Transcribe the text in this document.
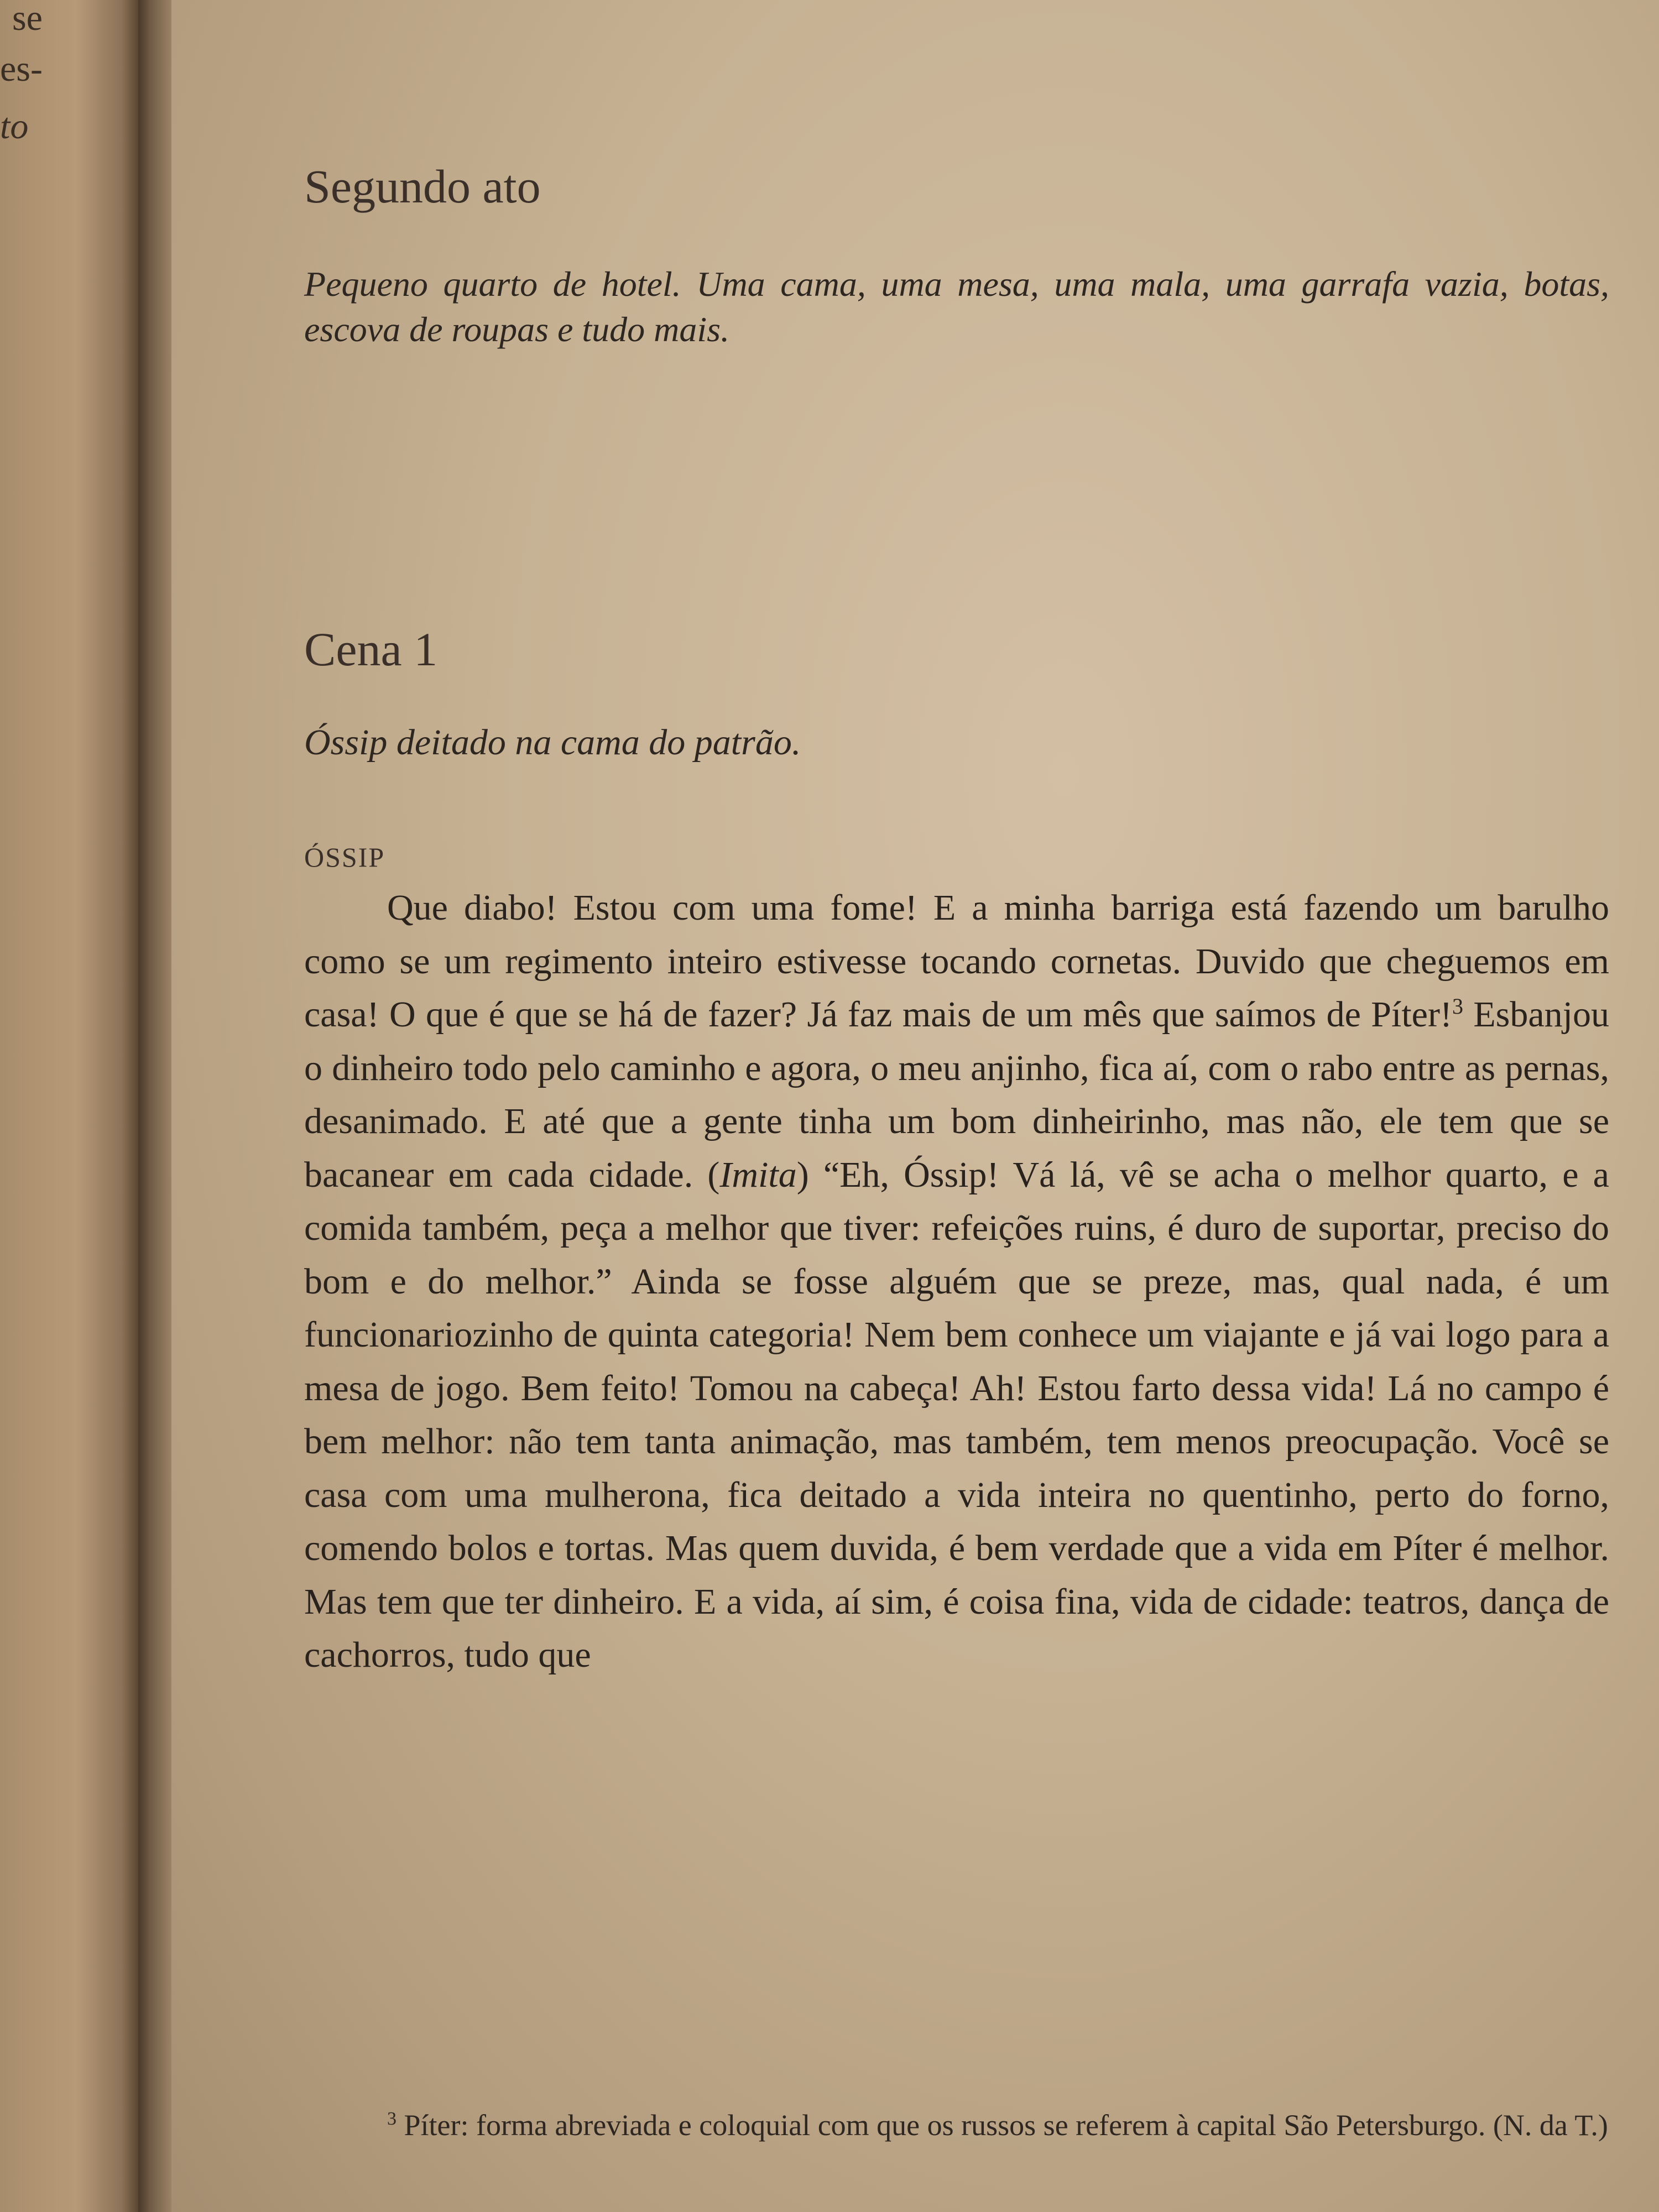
se
es-
to
Segundo ato

Pequeno quarto de hotel. Uma cama, uma mesa, uma mala, uma garrafa vazia, botas, escova de roupas e tudo mais.

Cena 1

Óssip deitado na cama do patrão.

ÓSSIP

Que diabo! Estou com uma fome! E a minha barriga está fazendo um barulho como se um regimento inteiro estivesse tocando cornetas. Duvido que cheguemos em casa! O que é que se há de fazer? Já faz mais de um mês que saímos de Píter!$^3$ Esbanjou o dinheiro todo pelo caminho e agora, o meu anjinho, fica aí, com o rabo entre as pernas, desanimado. E até que a gente tinha um bom dinheirinho, mas não, ele tem que se bacanear em cada cidade. (Imita) “Eh, Óssip! Vá lá, vê se acha o melhor quarto, e a comida também, peça a melhor que tiver: refeições ruins, é duro de suportar, preciso do bom e do melhor.” Ainda se fosse alguém que se preze, mas, qual nada, é um funcionariozinho de quinta categoria! Nem bem conhece um viajante e já vai logo para a mesa de jogo. Bem feito! Tomou na cabeça! Ah! Estou farto dessa vida! Lá no campo é bem melhor: não tem tanta animação, mas também, tem menos preocupação. Você se casa com uma mulherona, fica deitado a vida inteira no quentinho, perto do forno, comendo bolos e tortas. Mas quem duvida, é bem verdade que a vida em Píter é melhor. Mas tem que ter dinheiro. E a vida, aí sim, é coisa fina, vida de cidade: teatros, dança de cachorros, tudo que

$^3$ Píter: forma abreviada e coloquial com que os russos se referem à capital São Petersburgo. (N. da T.)
